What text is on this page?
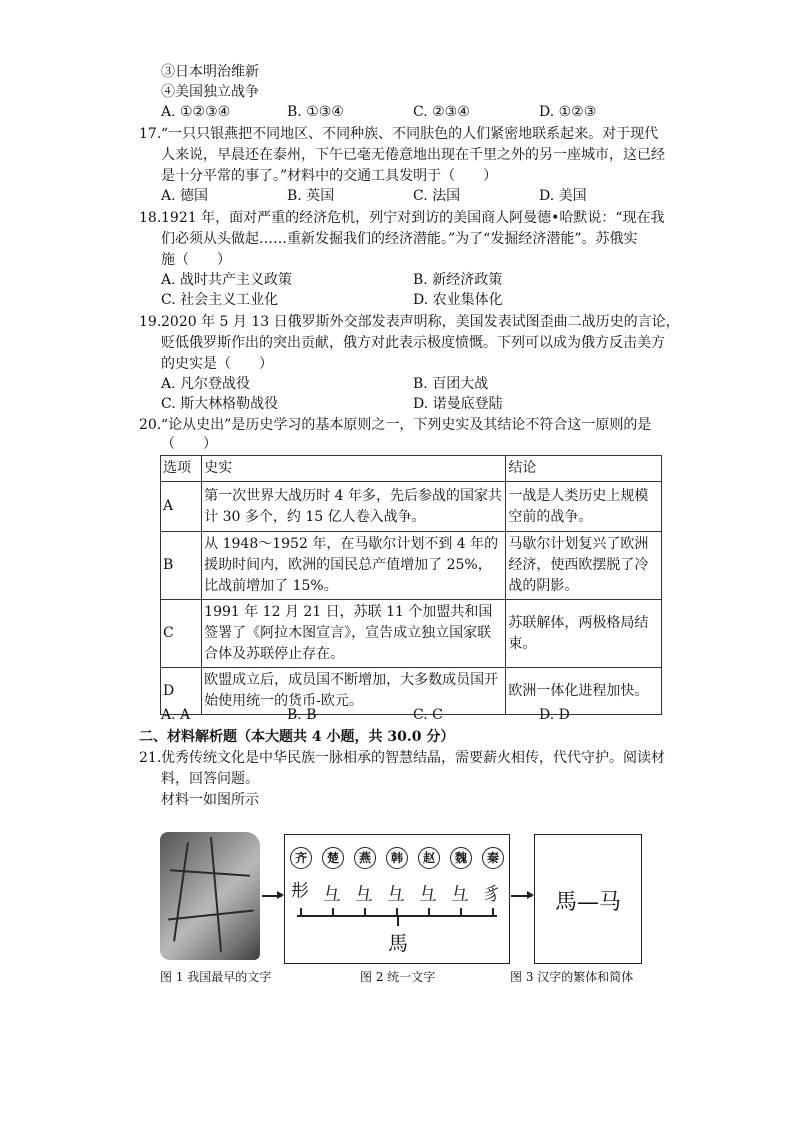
③日本明治维新
④美国独立战争
A. ①②③④	B. ①③④	C. ②③④	D. ①②③
17. “一只只银燕把不同地区、不同种族、不同肤色的人们紧密地联系起来。对于现代
人来说，早晨还在泰州，下午已毫无倦意地出现在千里之外的另一座城市，这已经
是十分平常的事了。”材料中的交通工具发明于（　　）
A. 德国	B. 英国	C. 法国	D. 美国
18. 1921 年，面对严重的经济危机，列宁对到访的美国商人阿曼德•哈默说：“现在我
们必须从头做起……重新发掘我们的经济潜能。”为了“发掘经济潜能”。苏俄实
施（　　）
A. 战时共产主义政策	B. 新经济政策
C. 社会主义工业化	D. 农业集体化
19. 2020 年 5 月 13 日俄罗斯外交部发表声明称，美国发表试图歪曲二战历史的言论，
贬低俄罗斯作出的突出贡献，俄方对此表示极度愤慨。下列可以成为俄方反击美方
的史实是（　　）
A. 凡尔登战役	B. 百团大战
C. 斯大林格勒战役	D. 诺曼底登陆
20. “论从史出”是历史学习的基本原则之一，下列史实及其结论不符合这一原则的是
（　　）
选项	史实	结论
A	第一次世界大战历时 4 年多，先后参战的国家共计 30 多个，约 15 亿人卷入战争。	一战是人类历史上规模空前的战争。
B	从 1948～1952 年，在马歇尔计划不到 4 年的援助时间内，欧洲的国民总产值增加了 25%，比战前增加了 15%。	马歇尔计划复兴了欧洲经济，使西欧摆脱了冷战的阴影。
C	1991 年 12 月 21 日，苏联 11 个加盟共和国签署了《阿拉木图宣言》，宣告成立独立国家联合体及苏联停止存在。	苏联解体，两极格局结束。
D	欧盟成立后，成员国不断增加，大多数成员国开始使用统一的货币-欧元。	欧洲一体化进程加快。
A. A	B. B	C. C	D. D
二、材料解析题（本大题共 4 小题，共 30.0 分）
21. 优秀传统文化是中华民族一脉相承的智慧结晶，需要薪火相传，代代守护。阅读材
料，回答问题。
材料一如图所示
齐	楚	燕	韩	赵	魏	秦
𢒈 彑 彑 彑 彑 彑 豸
馬
馬—马
图 1 我国最早的文字	图 2 统一文字	图 3 汉字的繁体和简体
